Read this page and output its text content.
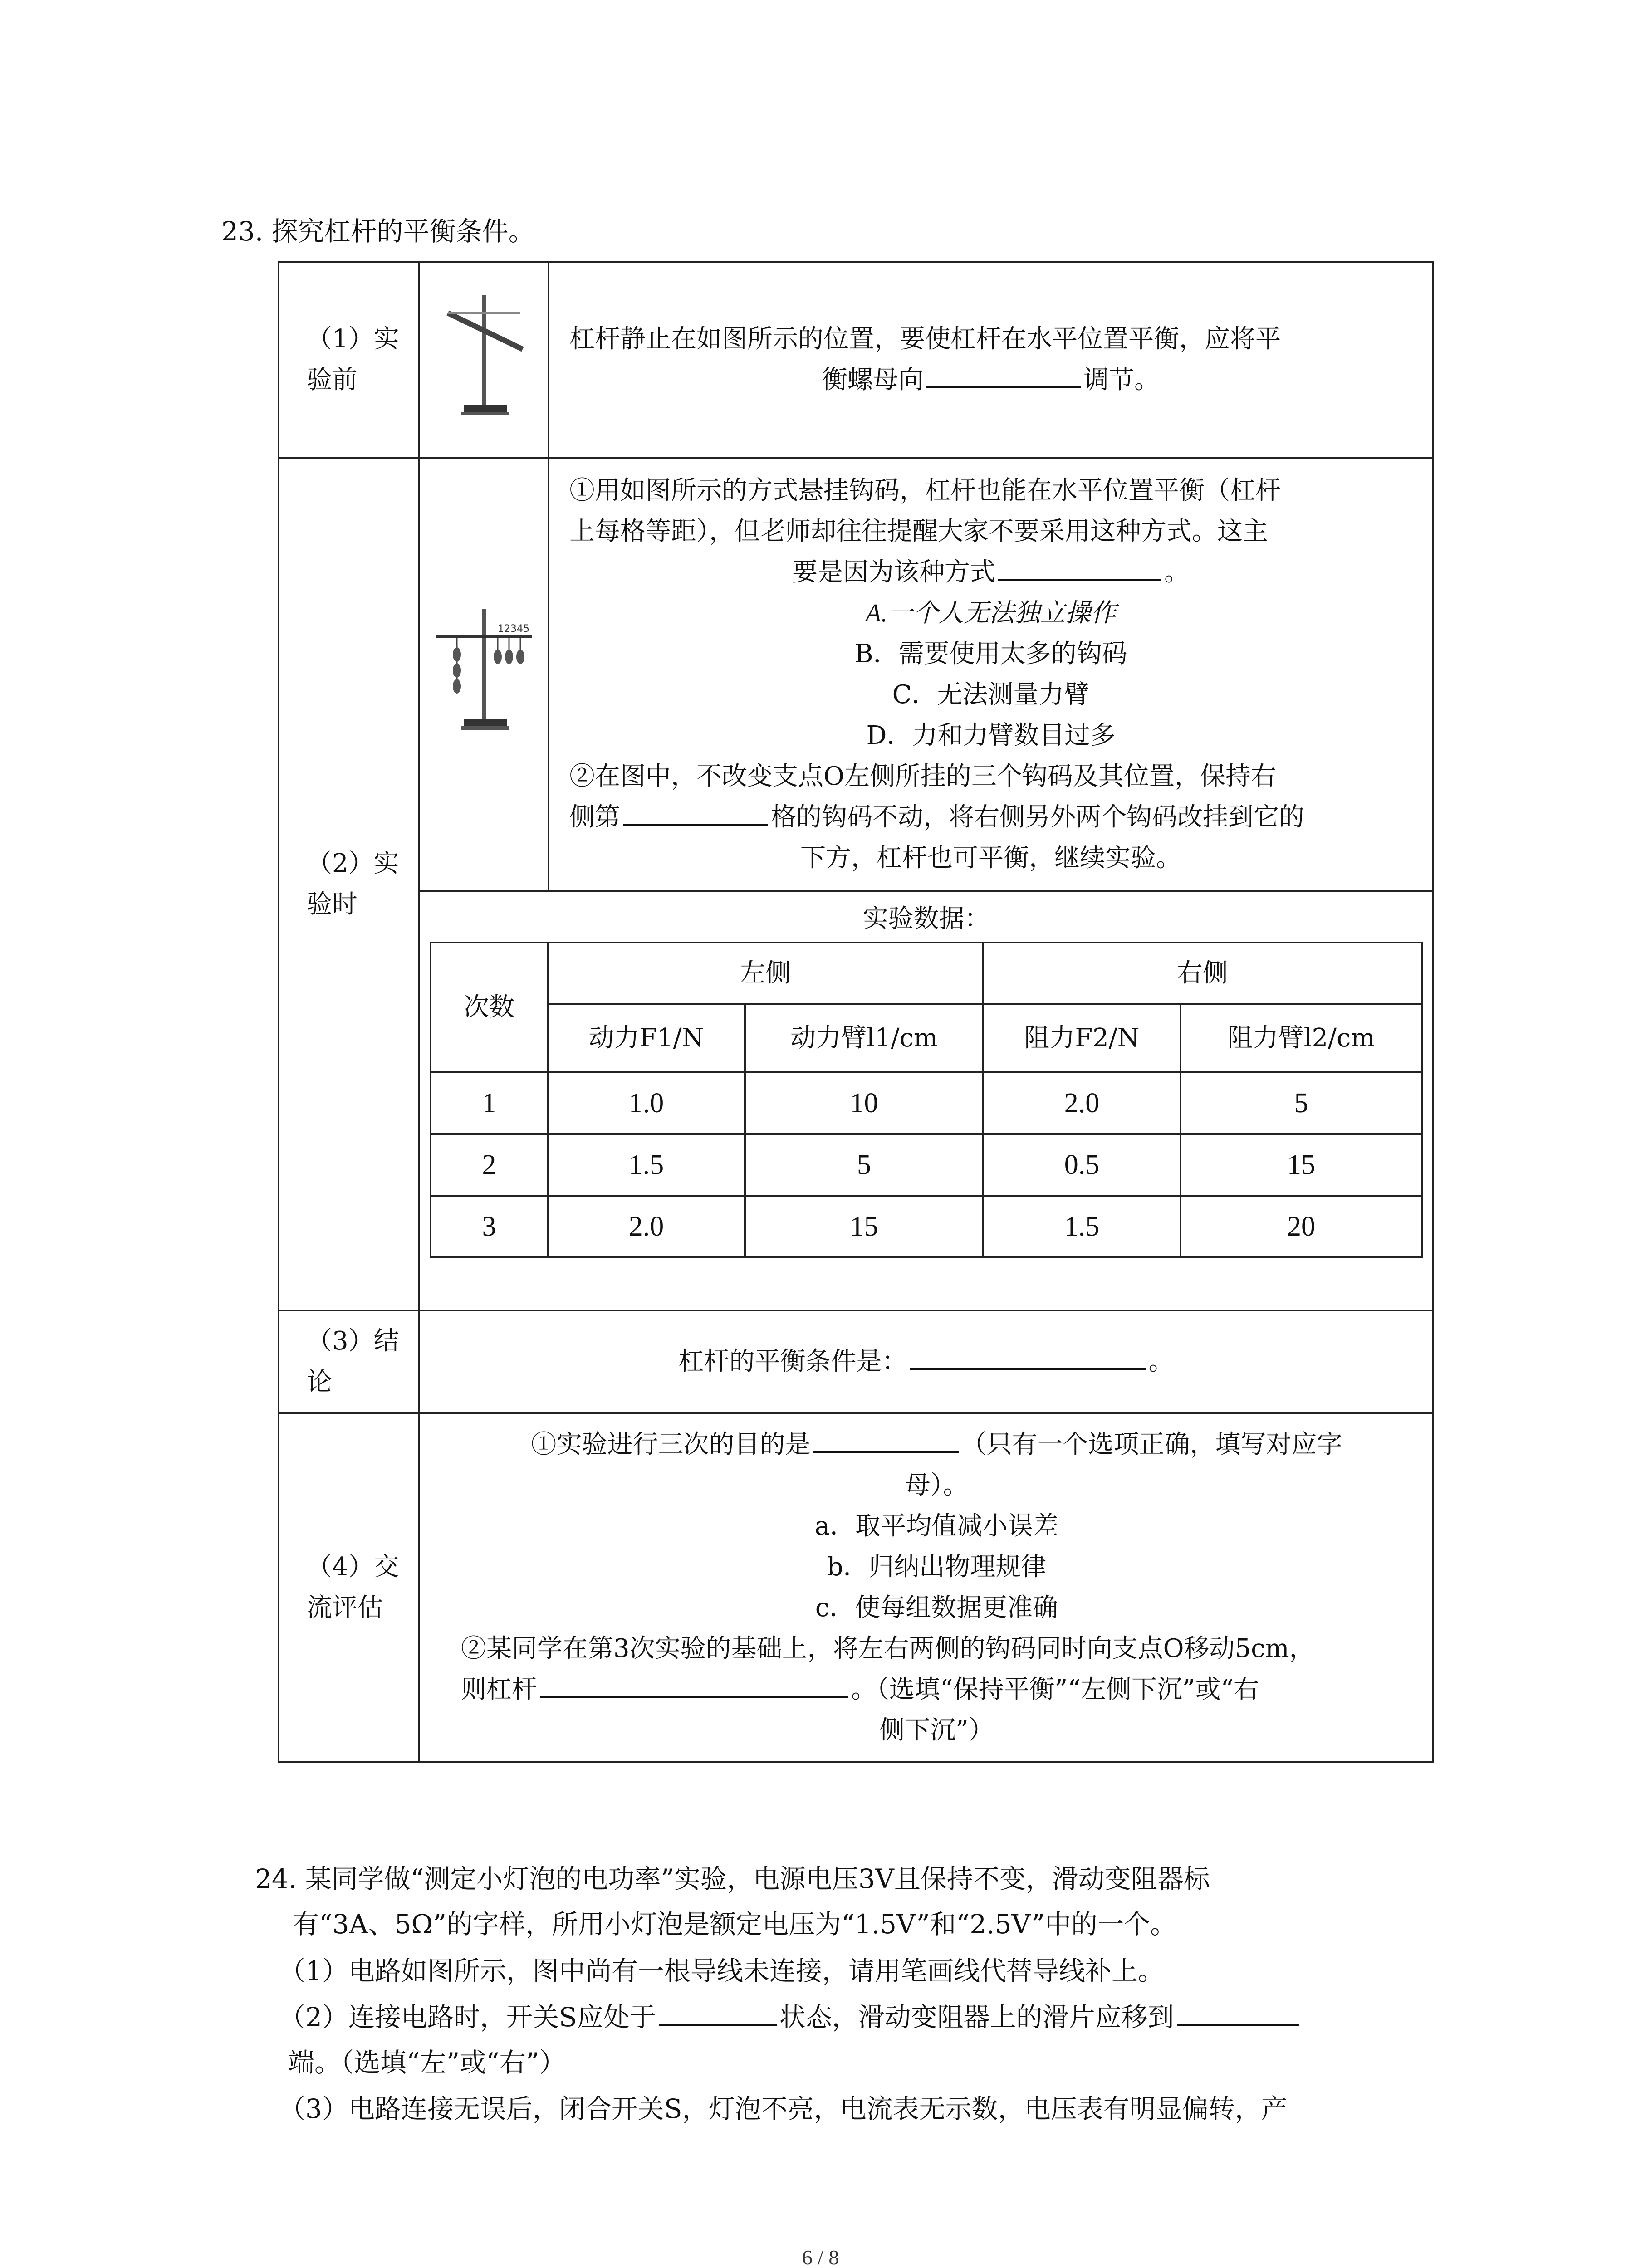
23. 探究杠杆的平衡条件。
（1）实
验前

杠杆静止在如图所示的位置，要使杠杆在水平位置平衡，应将平

衡螺母向	调节。

（2）实
验时

12345

①用如图所示的方式悬挂钩码，杠杆也能在水平位置平衡（杠杆

上每格等距），但老师却往往提醒大家不要采用这种方式。这主

要是因为该种方式	。

A.一个人无法独立操作

B．需要使用太多的钩码

C．无法测量力臂

D．力和力臂数目过多

②在图中，不改变支点O左侧所挂的三个钩码及其位置，保持右

侧第	格的钩码不动，将右侧另外两个钩码改挂到它的

下方，杠杆也可平衡，继续实验。

实验数据：
次数	左侧	右侧
动力F1/N	动力臂l1/cm	阻力F2/N	阻力臂l2/cm
1	1.0	10	2.0	5
2	1.5	5	0.5	15
3	2.0	15	1.5	20

（3）结
论
	杠杆的平衡条件是：	。

（4）交
流评估

①实验进行三次的目的是	（只有一个选项正确，填写对应字

母）。

a．取平均值减小误差

b．归纳出物理规律

c．使每组数据更准确

②某同学在第3次实验的基础上，将左右两侧的钩码同时向支点O移动5cm，

则杠杆	。（选填“保持平衡”“左侧下沉”或“右

侧下沉”）

24. 某同学做“测定小灯泡的电功率”实验，电源电压3V且保持不变，滑动变阻器标
有“3A、5Ω”的字样，所用小灯泡是额定电压为“1.5V”和“2.5V”中的一个。
（1）电路如图所示，图中尚有一根导线未连接，请用笔画线代替导线补上。
（2）连接电路时，开关S应处于	状态，滑动变阻器上的滑片应移到
端。（选填“左”或“右”）
（3）电路连接无误后，闭合开关S，灯泡不亮，电流表无示数，电压表有明显偏转，产
6 / 8
